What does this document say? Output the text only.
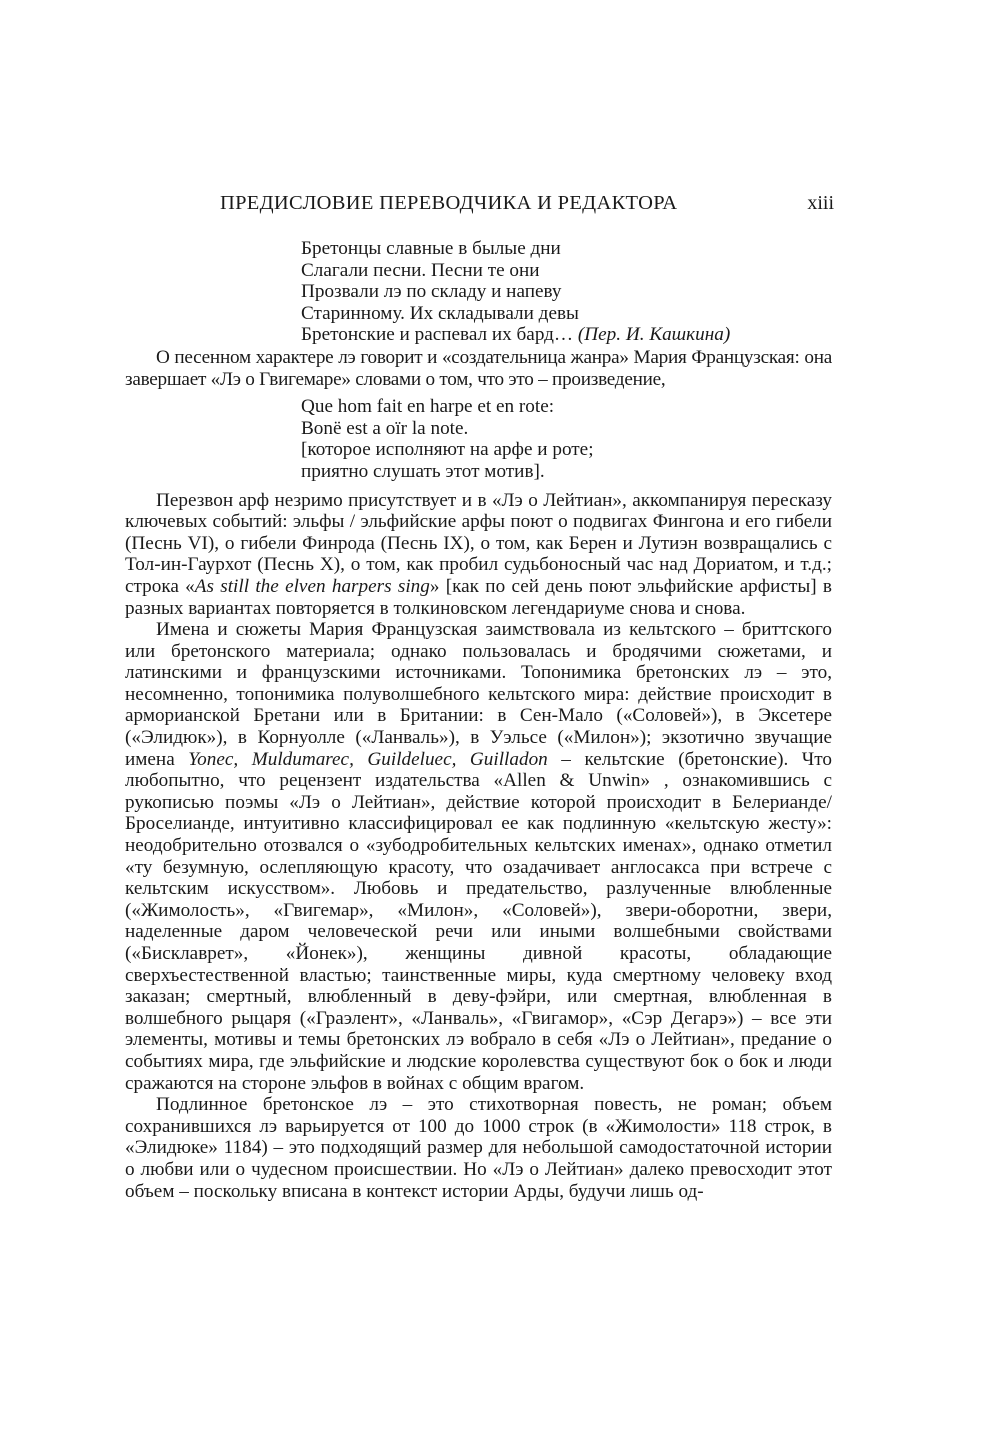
ПРЕДИСЛОВИЕ ПЕРЕВОДЧИКА И РЕДАКТОРА	xiii
Бретонцы славные в былые дни
Слагали песни. Песни те они
Прозвали лэ по складу и напеву
Старинному. Их складывали девы
Бретонские и распевал их бард… (Пер. И. Кашкина)

О песенном характере лэ говорит и «создательница жанра» Мария Французская: она завершает «Лэ о Гвигемаре» словами о том, что это – произведение,

Que hom fait en harpe et en rote:
Bonë est a oïr la note.
[которое исполняют на арфе и роте;
приятно слушать этот мотив].

Перезвон арф незримо присутствует и в «Лэ о Лейтиан», аккомпанируя пересказу ключевых событий: эльфы / эльфийские арфы поют о подвигах Фингона и его гибели (Песнь VI), о гибели Финрода (Песнь IX), о том, как Берен и Лутиэн возвращались с Тол-ин-Гаурхот (Песнь X), о том, как пробил судьбоносный час над Дориатом, и т.д.; строка «As still the elven harpers sing» [как по сей день поют эльфийские арфисты] в разных вариантах повторяется в толкиновском легендариуме снова и снова.

Имена и сюжеты Мария Французская заимствовала из кельтского – бриттского или бретонского материала; однако пользовалась и бродячими сюжетами, и латинскими и французскими источниками. Топонимика бретонских лэ – это, несомненно, топонимика полуволшебного кельтского мира: действие происходит в арморианской Бретани или в Британии: в Сен-Мало («Соловей»), в Эксетере («Элидюк»), в Корнуолле («Ланваль»), в Уэльсе («Милон»); экзотично звучащие имена Yonec, Muldumarec, Guildeluec, Guilladon – кельтские (бретонские). Что любопытно, что рецензент издательства «Allen & Unwin» , ознакомившись с рукописью поэмы «Лэ о Лейтиан», действие которой происходит в Белерианде/ Броселианде, интуитивно классифицировал ее как подлинную «кельтскую жесту»: неодобрительно отозвался о «зубодробительных кельтских именах», однако отметил «ту безумную, ослепляющую красоту, что озадачивает англосакса при встрече с кельтским искусством». Любовь и предательство, разлученные влюбленные («Жимолость», «Гвигемар», «Милон», «Соловей»), звери-оборотни, звери, наделенные даром человеческой речи или иными волшебными свойствами («Бисклаврет», «Йонек»), женщины дивной красоты, обладающие сверхъестественной властью; таинственные миры, куда смертному человеку вход заказан; смертный, влюбленный в деву-фэйри, или смертная, влюбленная в волшебного рыцаря («Граэлент», «Ланваль», «Гвигамор», «Сэр Дегарэ») – все эти элементы, мотивы и темы бретонских лэ вобрало в себя «Лэ о Лейтиан», предание о событиях мира, где эльфийские и людские королевства существуют бок о бок и люди сражаются на стороне эльфов в войнах с общим врагом.

Подлинное бретонское лэ – это стихотворная повесть, не роман; объем сохранившихся лэ варьируется от 100 до 1000 строк (в «Жимолости» 118 строк, в «Элидюке» 1184) – это подходящий размер для небольшой самодостаточной истории о любви или о чудесном происшествии. Но «Лэ о Лейтиан» далеко превосходит этот объем – поскольку вписана в контекст истории Арды, будучи лишь од-
